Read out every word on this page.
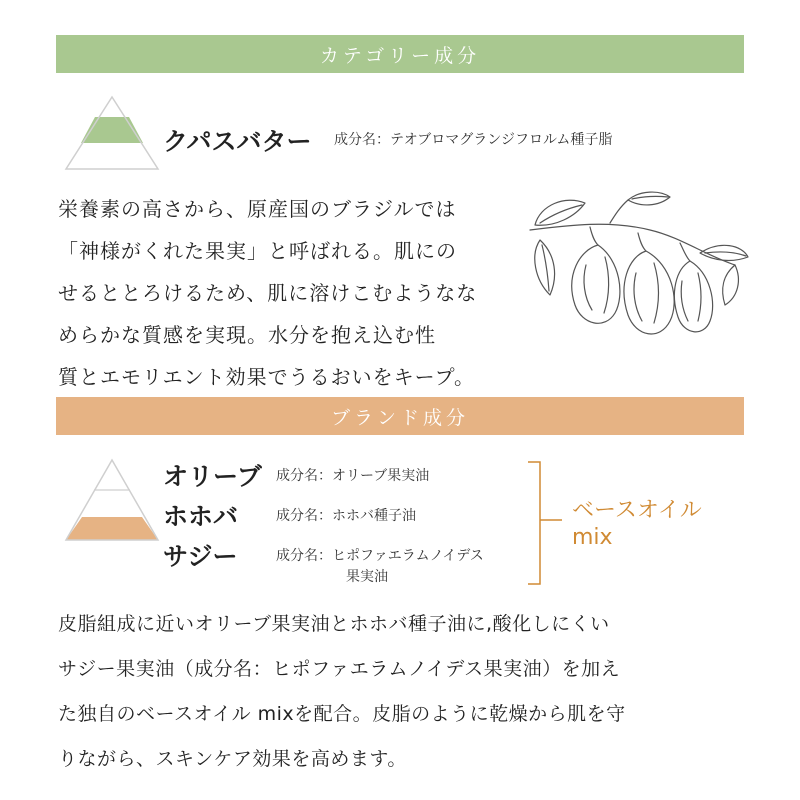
カテゴリー成分
クパスバター 成分名：テオブロマグランジフロルム種子脂
栄養素の高さから、原産国のブラジルでは
「神様がくれた果実」と呼ばれる。肌にの
せるととろけるため、肌に溶けこむようなな
めらかな質感を実現。水分を抱え込む性
質とエモリエント効果でうるおいをキープ。
ブランド成分
オリーブ 成分名：オリーブ果実油
ホホバ	成分名：ホホバ種子油
サジー	成分名：ヒポファエラムノイデス
果実油
ベースオイル
mix
皮脂組成に近いオリーブ果実油とホホバ種子油に,酸化しにくい
サジー果実油（成分名：ヒポファエラムノイデス果実油）を加え
た独自のベースオイル mixを配合。皮脂のように乾燥から肌を守
りながら、スキンケア効果を高めます。
